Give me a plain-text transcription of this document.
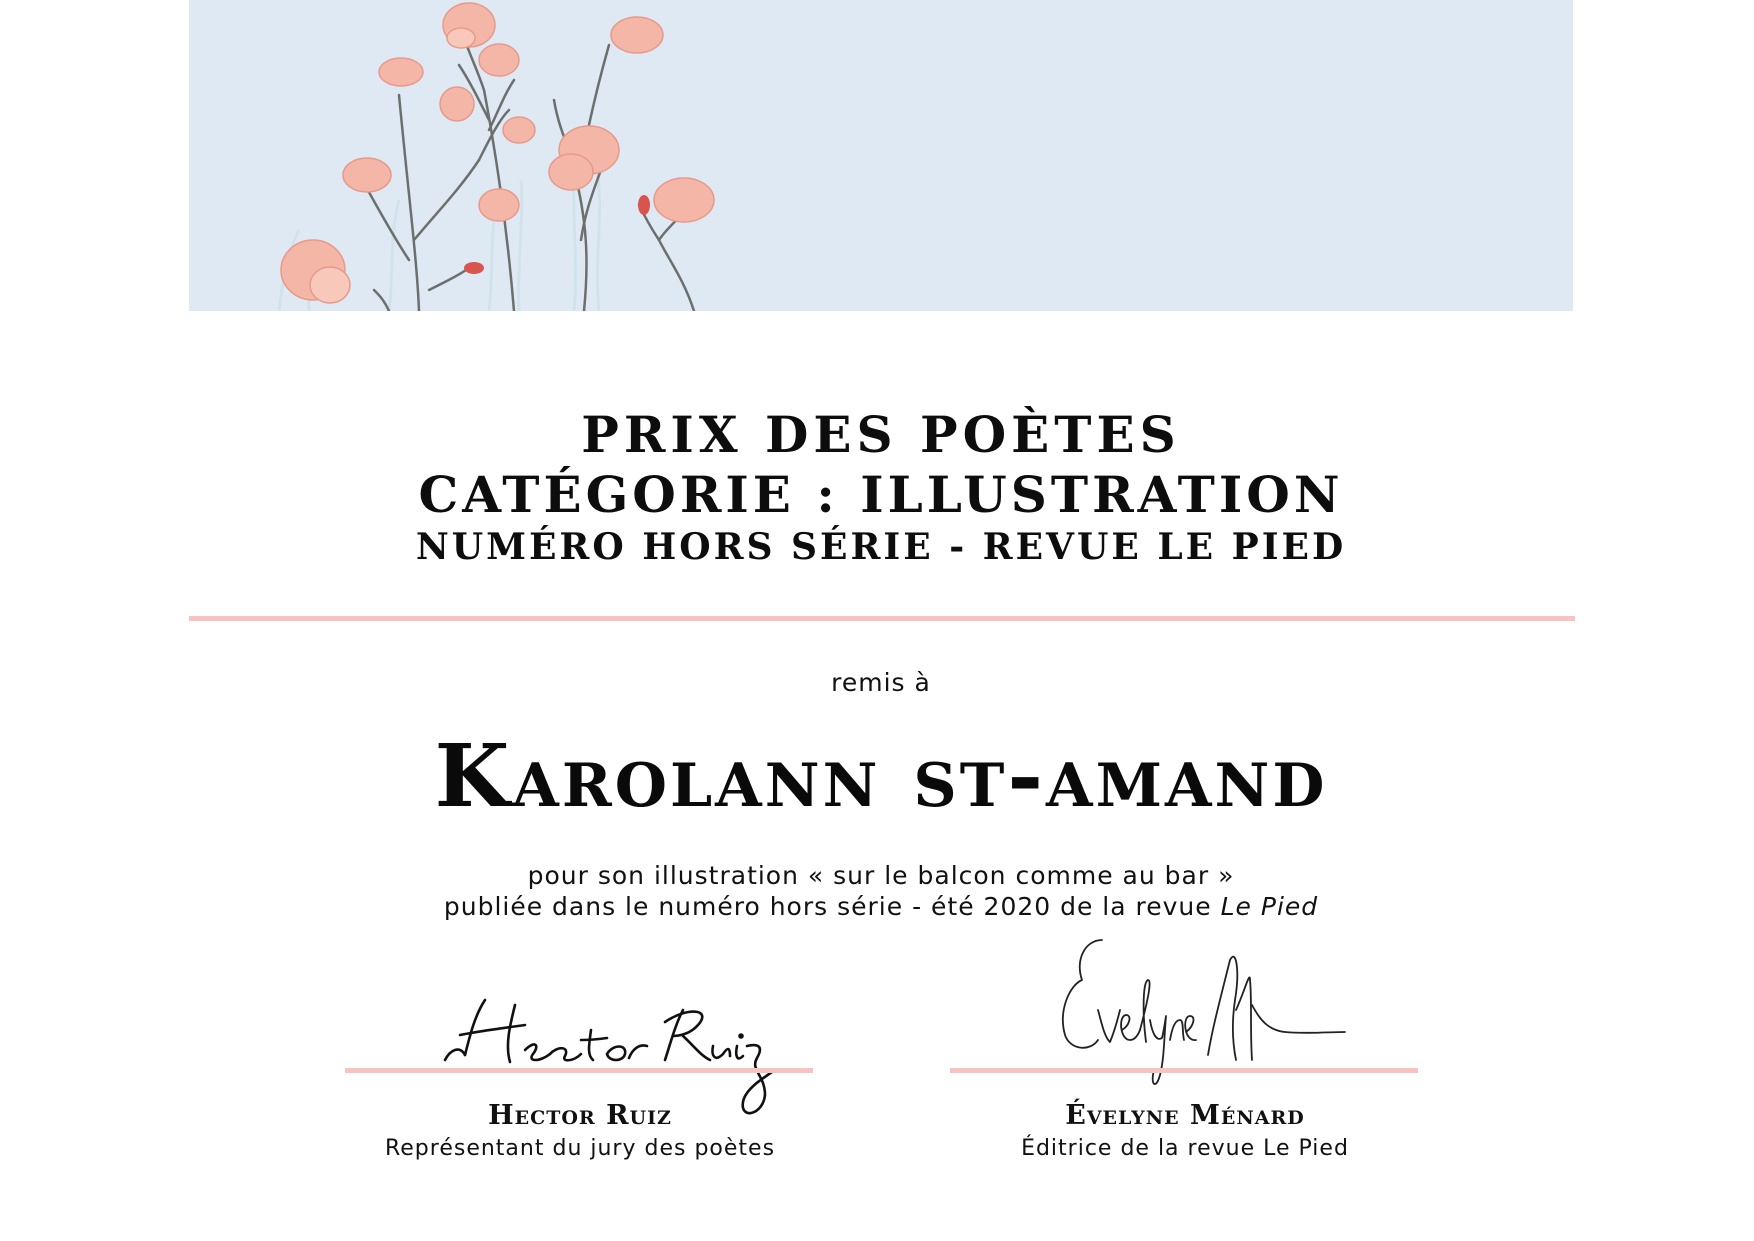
PRIX DES POÈTES
CATÉGORIE : ILLUSTRATION
NUMÉRO HORS SÉRIE - REVUE LE PIED
remis à
Karolann st-amand
pour son illustration « sur le balcon comme au bar »
publiée dans le numéro hors série - été 2020 de la revue Le Pied
Hector Ruiz
Représentant du jury des poètes
Évelyne Ménard
Éditrice de la revue Le Pied
